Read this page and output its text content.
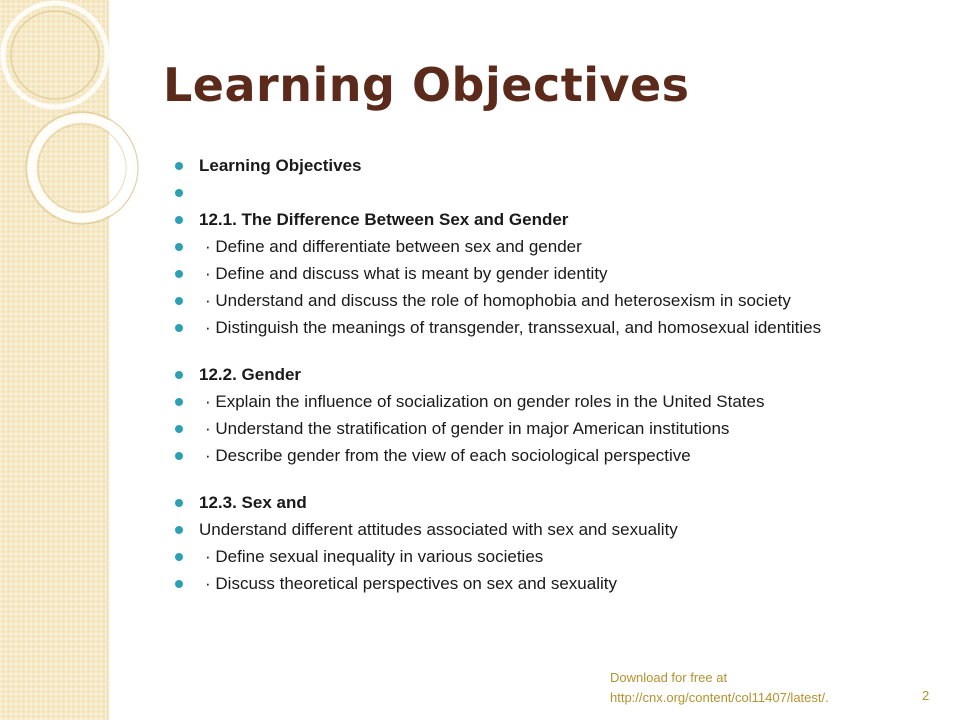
Learning Objectives
Learning Objectives
12.1. The Difference Between Sex and Gender
· Define and differentiate between sex and gender
· Define and discuss what is meant by gender identity
· Understand and discuss the role of homophobia and heterosexism in society
· Distinguish the meanings of transgender, transsexual, and homosexual identities
12.2. Gender
· Explain the influence of socialization on gender roles in the United States
· Understand the stratification of gender in major American institutions
· Describe gender from the view of each sociological perspective
12.3. Sex and
Understand different attitudes associated with sex and sexuality
· Define sexual inequality in various societies
· Discuss theoretical perspectives on sex and sexuality
Download for free at
http://cnx.org/content/col11407/latest/.	2
